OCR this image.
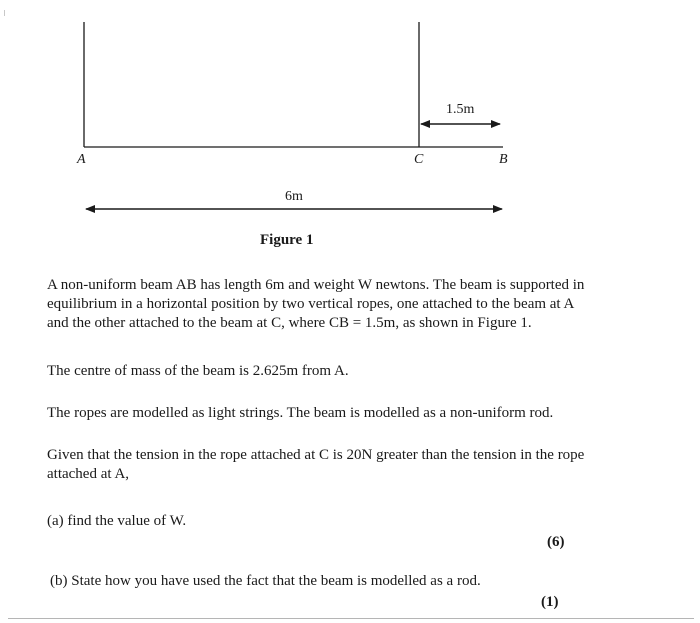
1.5m
A	C	B
6m
Figure 1

A non-uniform beam AB has length 6m and weight W newtons. The beam is supported in equilibrium in a horizontal position by two vertical ropes, one attached to the beam at A and the other attached to the beam at C, where CB = 1.5m, as shown in Figure 1.

The centre of mass of the beam is 2.625m from A.

The ropes are modelled as light strings. The beam is modelled as a non-uniform rod.

Given that the tension in the rope attached at C is 20N greater than the tension in the rope attached at A,

(a) find the value of W.

(6)

(b) State how you have used the fact that the beam is modelled as a rod.

(1)
